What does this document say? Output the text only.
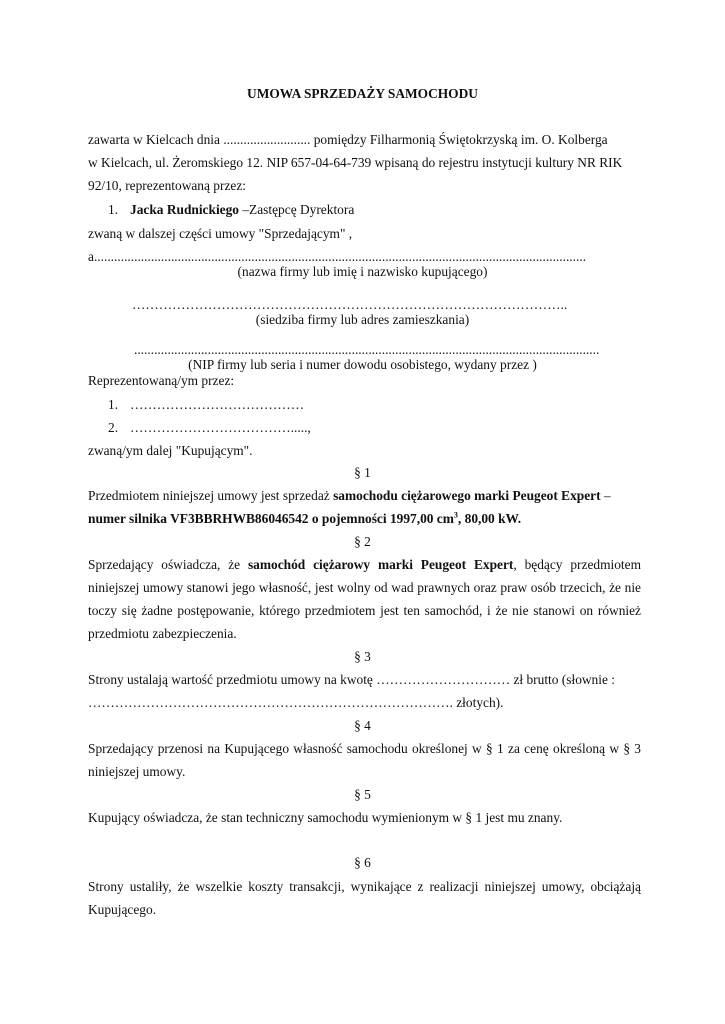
UMOWA SPRZEDAŻY SAMOCHODU
zawarta w Kielcach dnia .......................... pomiędzy Filharmonią Świętokrzyską im. O. Kolberga
w Kielcach, ul. Żeromskiego 12. NIP 657-04-64-739 wpisaną do rejestru instytucji kultury NR RIK
92/10, reprezentowaną przez:
1. Jacka Rudnickiego –Zastępcę Dyrektora
zwaną w dalszej części umowy "Sprzedającym" ,
a...................................................................................................................................................
(nazwa firmy lub imię i nazwisko kupującego)
……………………………………………………………………………………..
(siedziba firmy lub adres zamieszkania)
...........................................................................................................................................
(NIP firmy lub seria i numer dowodu osobistego, wydany przez )
Reprezentowaną/ym przez:
1. …………………………………
2. ……………………………….....,
zwaną/ym dalej "Kupującym".
§ 1
Przedmiotem niniejszej umowy jest sprzedaż samochodu ciężarowego marki Peugeot Expert –
numer silnika VF3BBRHWB86046542 o pojemności 1997,00 $cm^3$, 80,00 kW.
§ 2
Sprzedający oświadcza, że samochód ciężarowy marki Peugeot Expert, będący przedmiotem
niniejszej umowy stanowi jego własność, jest wolny od wad prawnych oraz praw osób trzecich, że nie
toczy się żadne postępowanie, którego przedmiotem jest ten samochód, i że nie stanowi on również
przedmiotu zabezpieczenia.
§ 3
Strony ustalają wartość przedmiotu umowy na kwotę ………………………… zł brutto (słownie :
………………………………………………………………………. złotych).
§ 4
Sprzedający przenosi na Kupującego własność samochodu określonej w § 1 za cenę określoną w § 3
niniejszej umowy.
§ 5
Kupujący oświadcza, że stan techniczny samochodu wymienionym w § 1 jest mu znany.
§ 6
Strony ustaliły, że wszelkie koszty transakcji, wynikające z realizacji niniejszej umowy, obciążają
Kupującego.
